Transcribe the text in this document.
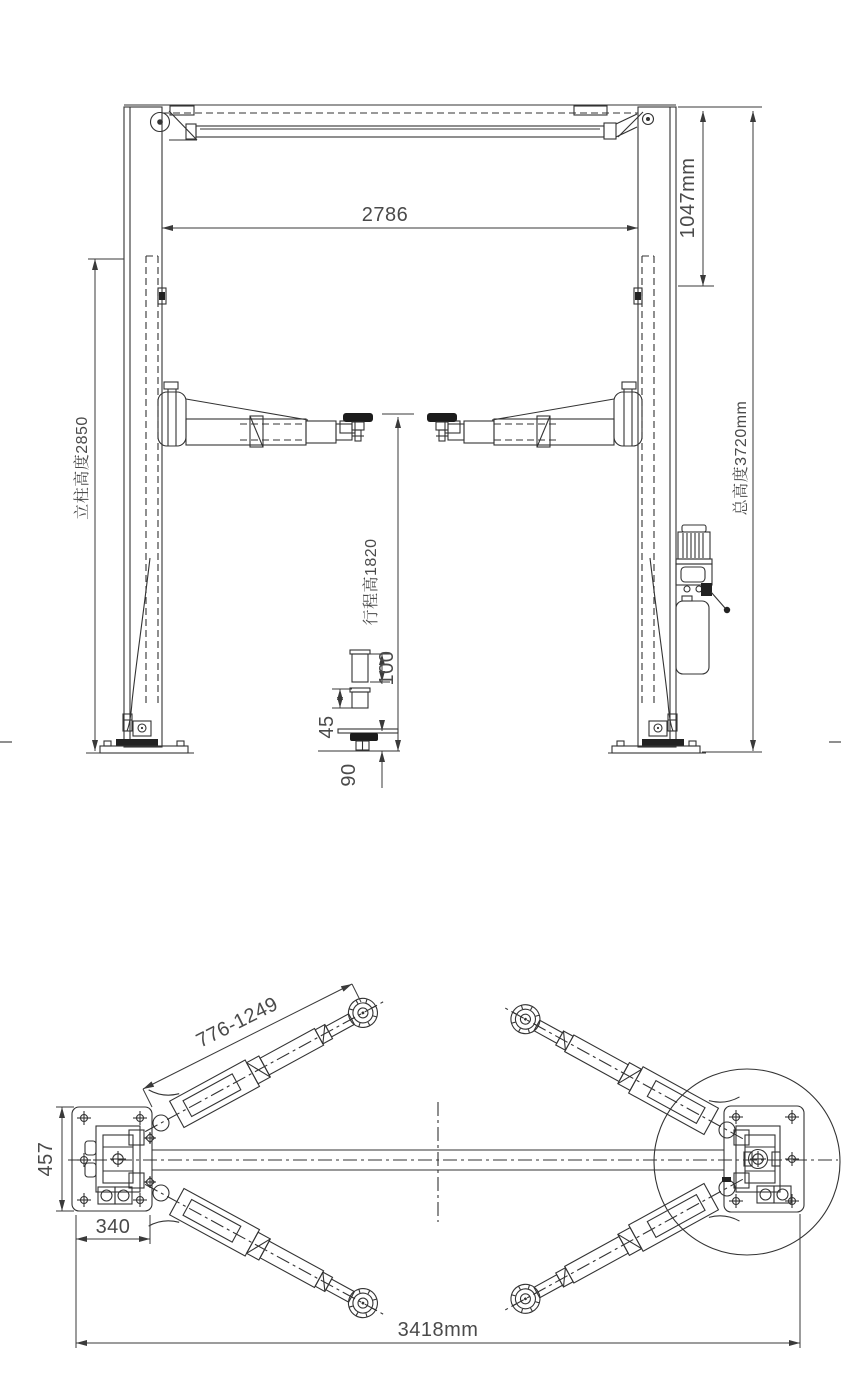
2786	1047mm
总高度3720mm
立柱高度2850
行程高1820
100
45
90
776-1249
457
340
3418mm
